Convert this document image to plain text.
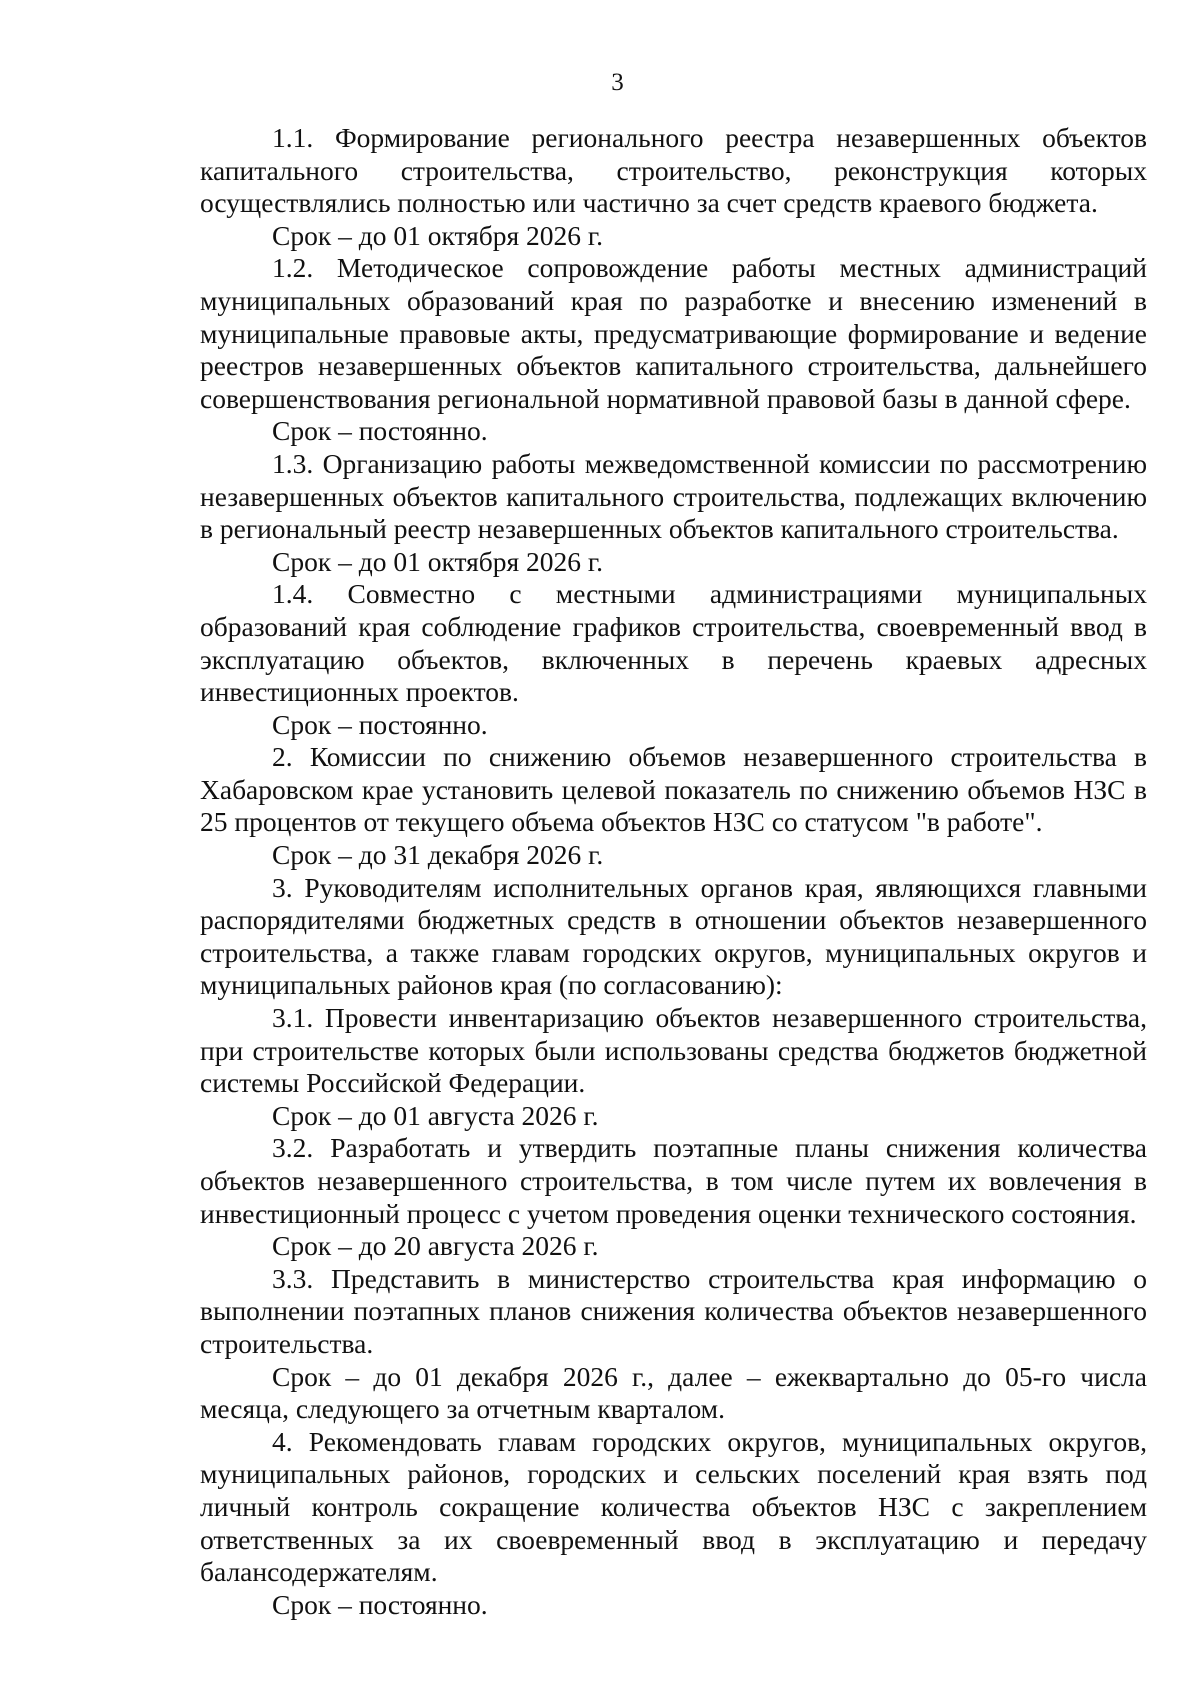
3

1.1. Формирование регионального реестра незавершенных объектов капитального строительства, строительство, реконструкция которых осуществлялись полностью или частично за счет средств краевого бюджета.

Срок – до 01 октября 2026 г.

1.2. Методическое сопровождение работы местных администраций муниципальных образований края по разработке и внесению изменений в муниципальные правовые акты, предусматривающие формирование и ведение реестров незавершенных объектов капитального строительства, дальнейшего совершенствования региональной нормативной правовой базы в данной сфере.

Срок – постоянно.

1.3. Организацию работы межведомственной комиссии по рассмотрению незавершенных объектов капитального строительства, подлежащих включению в региональный реестр незавершенных объектов капитального строительства.

Срок – до 01 октября 2026 г.

1.4. Совместно с местными администрациями муниципальных образований края соблюдение графиков строительства, своевременный ввод в эксплуатацию объектов, включенных в перечень краевых адресных инвестиционных проектов.

Срок – постоянно.

2. Комиссии по снижению объемов незавершенного строительства в Хабаровском крае установить целевой показатель по снижению объемов НЗС в 25 процентов от текущего объема объектов НЗС со статусом "в работе".

Срок – до 31 декабря 2026 г.

3. Руководителям исполнительных органов края, являющихся главными распорядителями бюджетных средств в отношении объектов незавершенного строительства, а также главам городских округов, муниципальных округов и муниципальных районов края (по согласованию):

3.1. Провести инвентаризацию объектов незавершенного строительства, при строительстве которых были использованы средства бюджетов бюджетной системы Российской Федерации.

Срок – до 01 августа 2026 г.

3.2. Разработать и утвердить поэтапные планы снижения количества объектов незавершенного строительства, в том числе путем их вовлечения в инвестиционный процесс с учетом проведения оценки технического состояния.

Срок – до 20 августа 2026 г.

3.3. Представить в министерство строительства края информацию о выполнении поэтапных планов снижения количества объектов незавершенного строительства.

Срок – до 01 декабря 2026 г., далее – ежеквартально до 05-го числа месяца, следующего за отчетным кварталом.

4. Рекомендовать главам городских округов, муниципальных округов, муниципальных районов, городских и сельских поселений края взять под личный контроль сокращение количества объектов НЗС с закреплением ответственных за их своевременный ввод в эксплуатацию и передачу балансодержателям.

Срок – постоянно.
